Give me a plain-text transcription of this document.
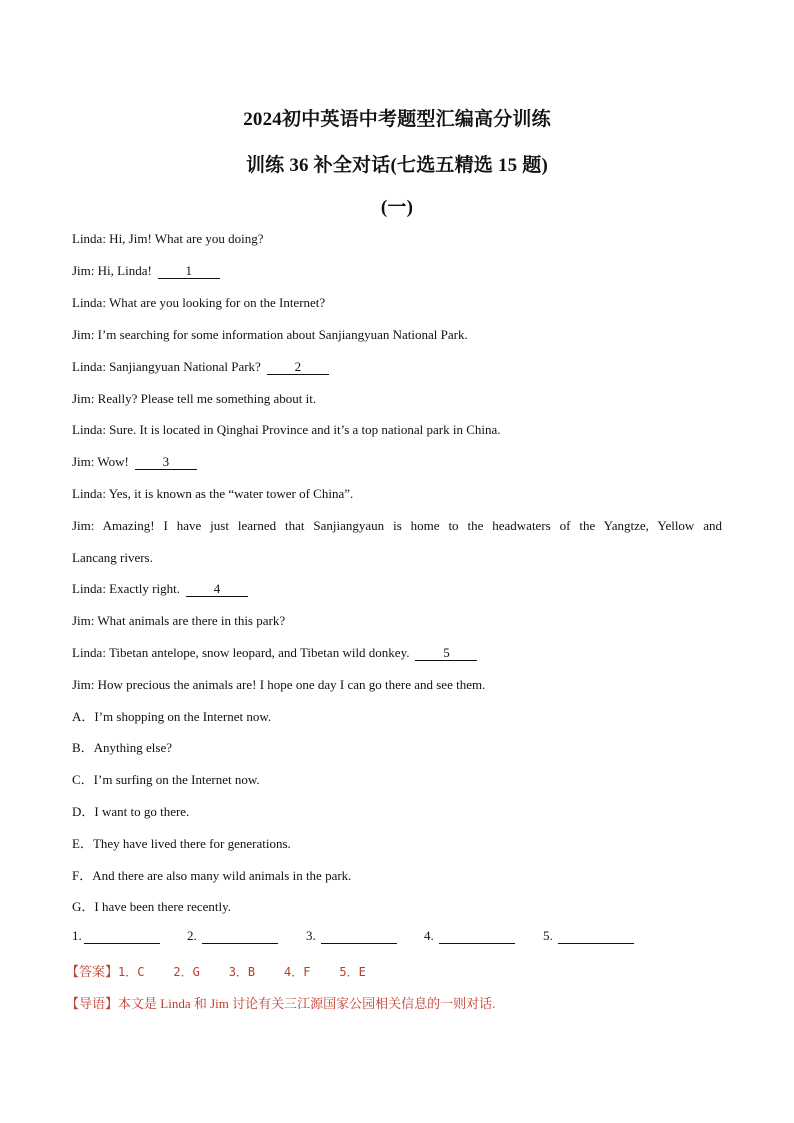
2024初中英语中考题型汇编高分训练
训练 36 补全对话(七选五精选 15 题)
(一)
Linda: Hi, Jim! What are you doing?
Jim: Hi, Linda!	1
Linda: What are you looking for on the Internet?
Jim: I’m searching for some information about Sanjiangyuan National Park.
Linda: Sanjiangyuan National Park?	2
Jim: Really? Please tell me something about it.
Linda: Sure. It is located in Qinghai Province and it’s a top national park in China.
Jim: Wow!	3
Linda: Yes, it is known as the “water tower of China”.
Jim: Amazing! I have just learned that Sanjiangyaun is home to the headwaters of the Yangtze, Yellow and
Lancang rivers.
Linda: Exactly right.	4
Jim: What animals are there in this park?
Linda: Tibetan antelope, snow leopard, and Tibetan wild donkey.	5
Jim: How precious the animals are! I hope one day I can go there and see them.
A．I’m shopping on the Internet now.
B．Anything else?
C．I’m surfing on the Internet now.
D．I want to go there.
E．They have lived there for generations.
F．And there are also many wild animals in the park.
G．I have been there recently.
1.	2.	3.	4.	5.
【答案】1．C    2．G    3．B    4．F    5．E
【导语】本文是 Linda 和 Jim 讨论有关三江源国家公园相关信息的一则对话.
